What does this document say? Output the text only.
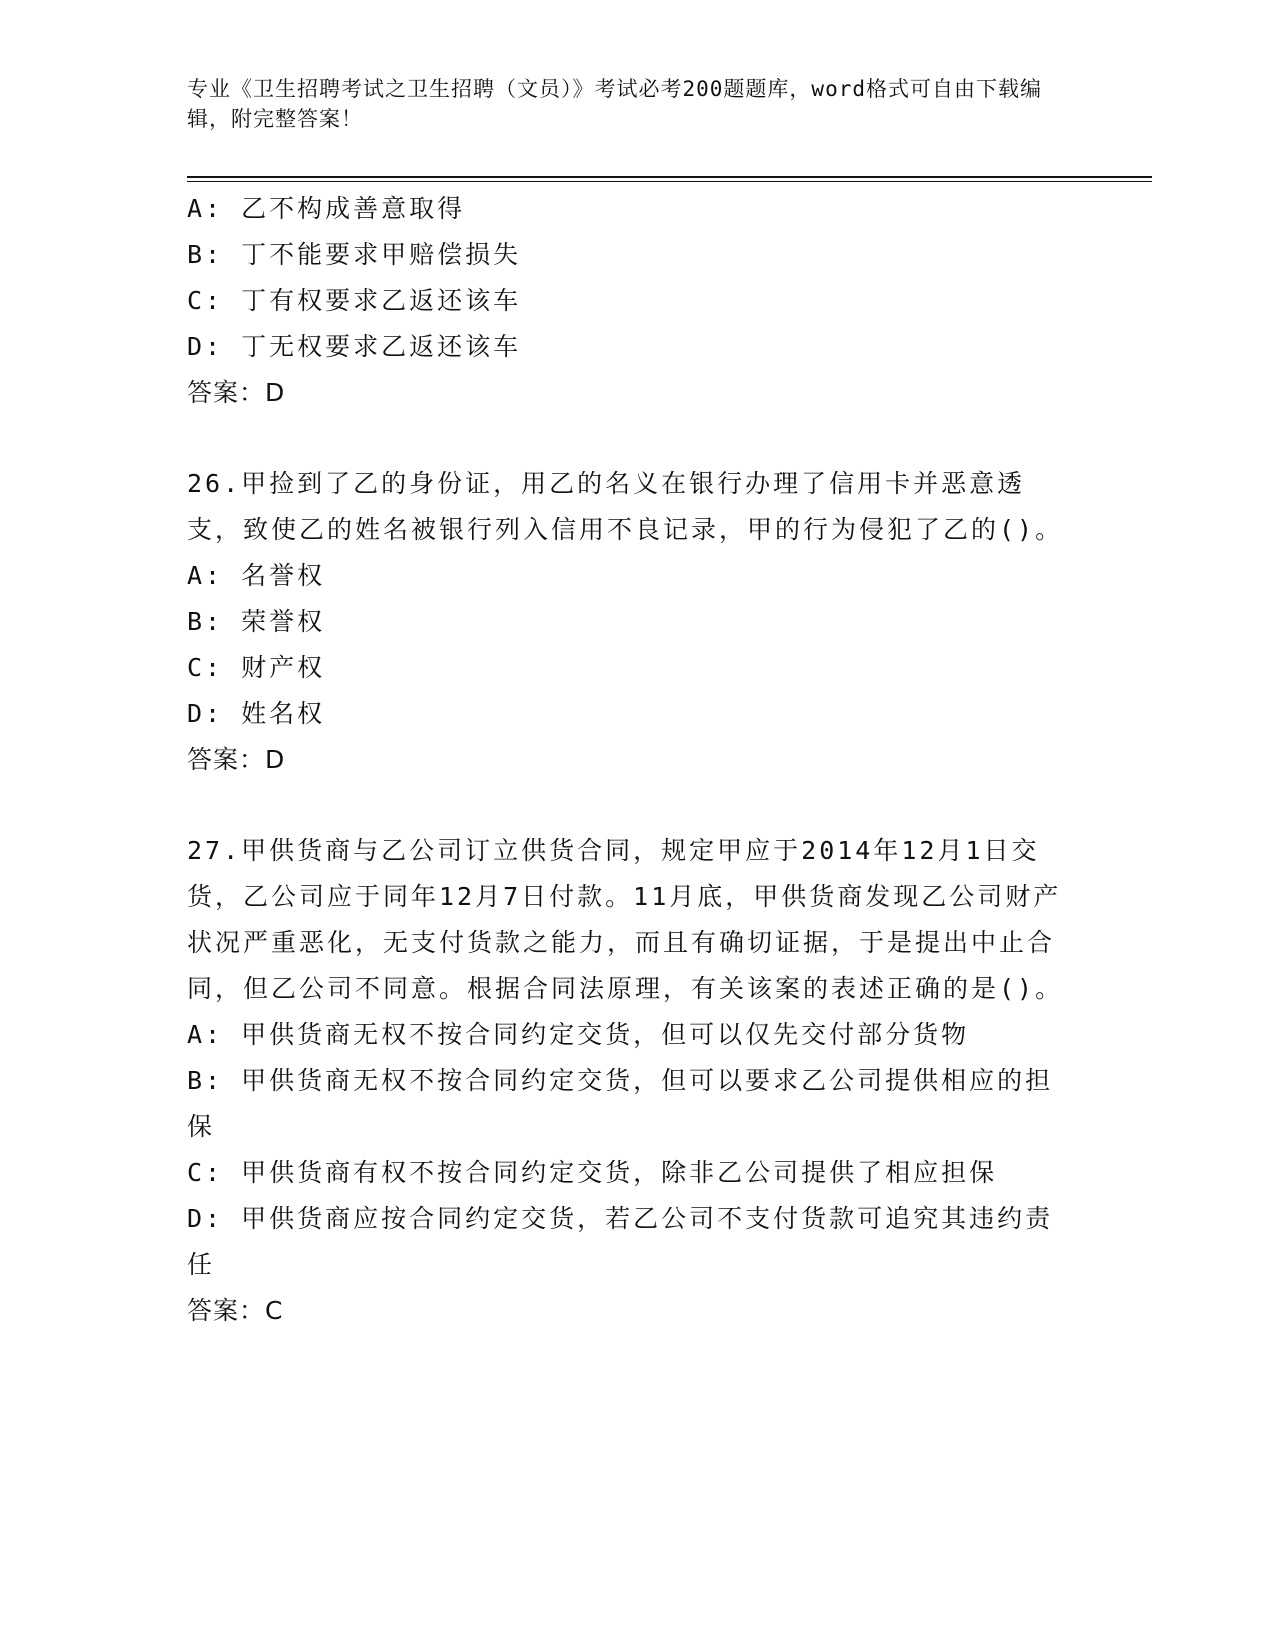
专业《卫生招聘考试之卫生招聘（文员）》考试必考200题题库，word格式可自由下载编辑，附完整答案！

A: 乙不构成善意取得

B: 丁不能要求甲赔偿损失

C: 丁有权要求乙返还该车

D: 丁无权要求乙返还该车

答案：D

26.甲捡到了乙的身份证，用乙的名义在银行办理了信用卡并恶意透支，致使乙的姓名被银行列入信用不良记录，甲的行为侵犯了乙的()。

A: 名誉权

B: 荣誉权

C: 财产权

D: 姓名权

答案：D

27.甲供货商与乙公司订立供货合同，规定甲应于2014年12月1日交货，乙公司应于同年12月7日付款。11月底，甲供货商发现乙公司财产状况严重恶化，无支付货款之能力，而且有确切证据，于是提出中止合同，但乙公司不同意。根据合同法原理，有关该案的表述正确的是()。

A: 甲供货商无权不按合同约定交货，但可以仅先交付部分货物

B: 甲供货商无权不按合同约定交货，但可以要求乙公司提供相应的担保

C: 甲供货商有权不按合同约定交货，除非乙公司提供了相应担保

D: 甲供货商应按合同约定交货，若乙公司不支付货款可追究其违约责任

答案：C
